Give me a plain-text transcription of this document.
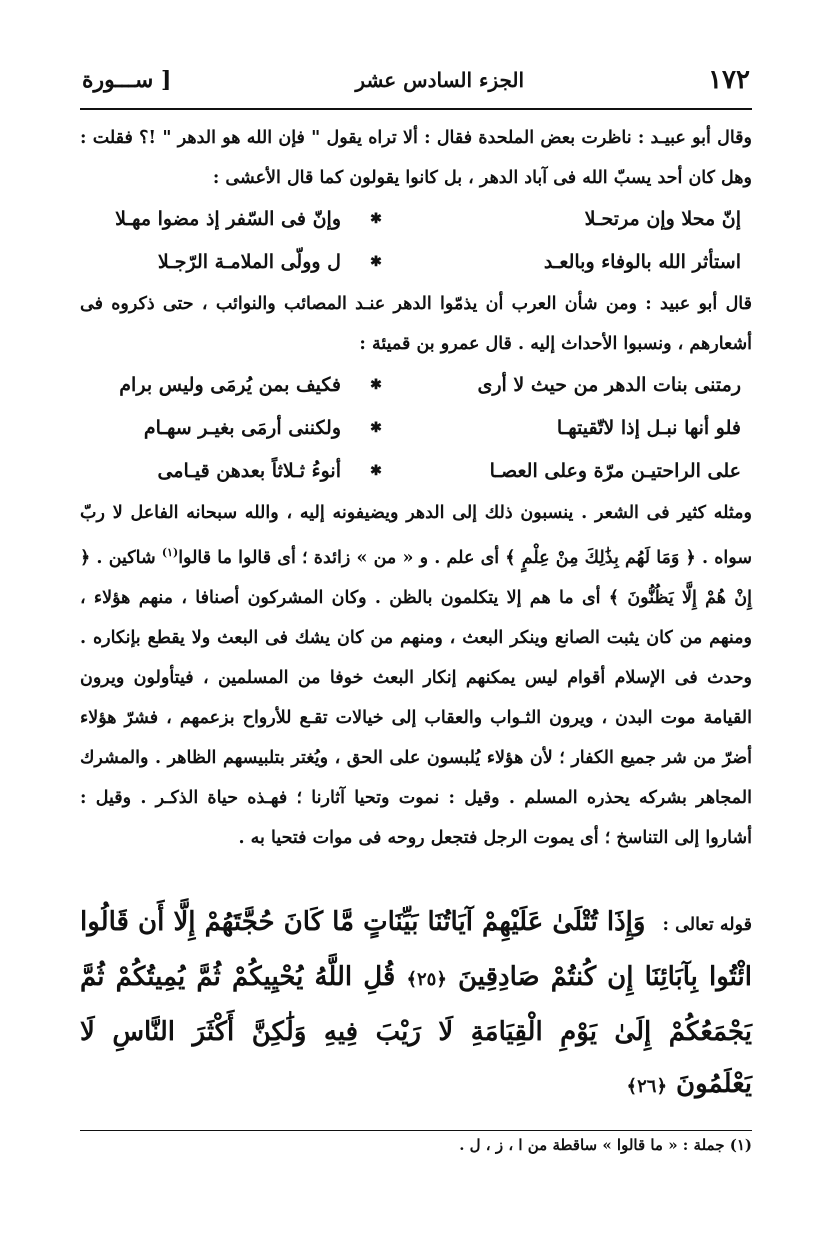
١٧٢
الجزء السادس عشر
[ ســـورة

وقال أبو عبيـد : ناظرت بعض الملحدة فقال : ألا تراه يقول " فإن الله هو الدهر " !؟ فقلت : وهل كان أحد يسبّ الله فى آباد الدهر ، بل كانوا يقولون كما قال الأعشى :

إنّ محلا وإن مرتحـلا
✱
وإنّ فى السّفر إذ مضوا مهـلا
استأثر الله بالوفاء وبالعـد
✱
ل وولّى الملامـة الرّجـلا

قال أبو عبيد : ومن شأن العرب أن يذمّوا الدهر عنـد المصائب والنوائب ، حتى ذكروه فى أشعارهم ، ونسبوا الأحداث إليه . قال عمرو بن قميئة :

رمتنى بنات الدهر من حيث لا أرى
✱
فكيف بمن يُرمَى وليس برام
فلو أنها نبـل إذا لاتّقيتهـا
✱
ولكننى أرمَى بغيـر سهـام
على الراحتيـن مرّة وعلى العصـا
✱
أنوءُ ثـلاثاً بعدهن قيـامى

ومثله كثير فى الشعر . ينسبون ذلك إلى الدهر ويضيفونه إليه ، والله سبحانه الفاعل لا ربّ سواه . ﴿ وَمَا لَهُم بِذَٰلِكَ مِنْ عِلْمٍ ﴾ أى علم . و « من » زائدة ؛ أى قالوا ما قالوا$^{(١)}$ شاكين . ﴿ إِنْ هُمْ إِلَّا يَظُنُّونَ ﴾ أى ما هم إلا يتكلمون بالظن . وكان المشركون أصنافا ، منهم هؤلاء ، ومنهم من كان يثبت الصانع وينكر البعث ، ومنهم من كان يشك فى البعث ولا يقطع بإنكاره . وحدث فى الإسلام أقوام ليس يمكنهم إنكار البعث خوفا من المسلمين ، فيتأولون ويرون القيامة موت البدن ، ويرون الثـواب والعقاب إلى خيالات تقـع للأرواح بزعمهم ، فشرّ هؤلاء أضرّ من شر جميع الكفار ؛ لأن هؤلاء يُلبسون على الحق ، ويُغتر بتلبيسهم الظاهر . والمشرك المجاهر بشركه يحذره المسلم . وقيل : نموت وتحيا آثارنا ؛ فهـذه حياة الذكـر . وقيل : أشاروا إلى التناسخ ؛ أى يموت الرجل فتجعل روحه فى موات فتحيا به .

قوله تعالى : وَإِذَا تُتْلَىٰ عَلَيْهِمْ آيَاتُنَا بَيِّنَاتٍ مَّا كَانَ حُجَّتَهُمْ إِلَّا أَن قَالُوا ائْتُوا بِآبَائِنَا إِن كُنتُمْ صَادِقِينَ ﴿٢٥﴾ قُلِ اللَّهُ يُحْيِيكُمْ ثُمَّ يُمِيتُكُمْ ثُمَّ يَجْمَعُكُمْ إِلَىٰ يَوْمِ الْقِيَامَةِ لَا رَيْبَ فِيهِ وَلَٰكِنَّ أَكْثَرَ النَّاسِ لَا يَعْلَمُونَ ﴿٢٦﴾

(١) جملة : « ما قالوا » ساقطة من ا ، ز ، ل .
